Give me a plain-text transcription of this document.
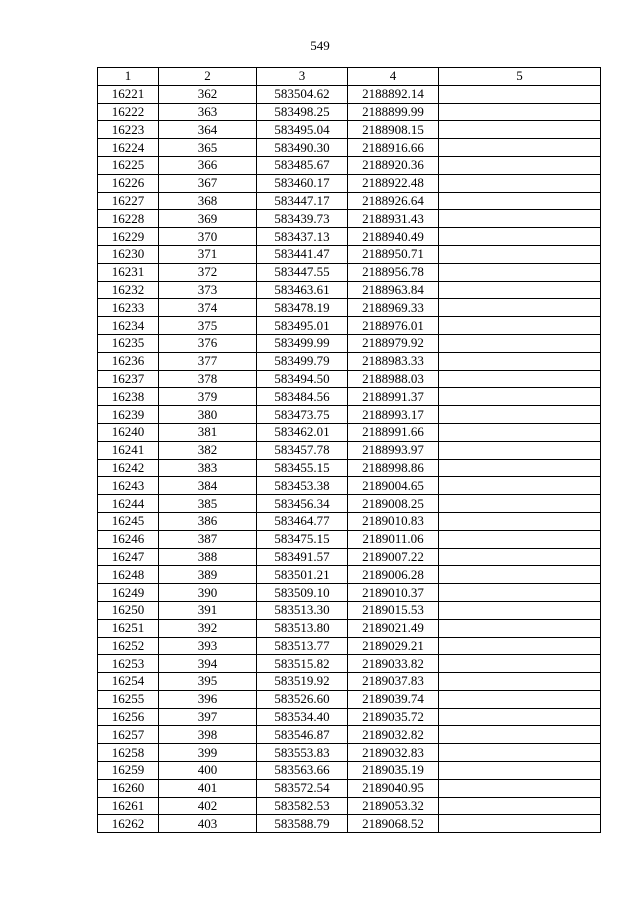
549
1	2	3	4	5
16221	362	583504.62	2188892.14	
16222	363	583498.25	2188899.99	
16223	364	583495.04	2188908.15	
16224	365	583490.30	2188916.66	
16225	366	583485.67	2188920.36	
16226	367	583460.17	2188922.48	
16227	368	583447.17	2188926.64	
16228	369	583439.73	2188931.43	
16229	370	583437.13	2188940.49	
16230	371	583441.47	2188950.71	
16231	372	583447.55	2188956.78	
16232	373	583463.61	2188963.84	
16233	374	583478.19	2188969.33	
16234	375	583495.01	2188976.01	
16235	376	583499.99	2188979.92	
16236	377	583499.79	2188983.33	
16237	378	583494.50	2188988.03	
16238	379	583484.56	2188991.37	
16239	380	583473.75	2188993.17	
16240	381	583462.01	2188991.66	
16241	382	583457.78	2188993.97	
16242	383	583455.15	2188998.86	
16243	384	583453.38	2189004.65	
16244	385	583456.34	2189008.25	
16245	386	583464.77	2189010.83	
16246	387	583475.15	2189011.06	
16247	388	583491.57	2189007.22	
16248	389	583501.21	2189006.28	
16249	390	583509.10	2189010.37	
16250	391	583513.30	2189015.53	
16251	392	583513.80	2189021.49	
16252	393	583513.77	2189029.21	
16253	394	583515.82	2189033.82	
16254	395	583519.92	2189037.83	
16255	396	583526.60	2189039.74	
16256	397	583534.40	2189035.72	
16257	398	583546.87	2189032.82	
16258	399	583553.83	2189032.83	
16259	400	583563.66	2189035.19	
16260	401	583572.54	2189040.95	
16261	402	583582.53	2189053.32	
16262	403	583588.79	2189068.52	
